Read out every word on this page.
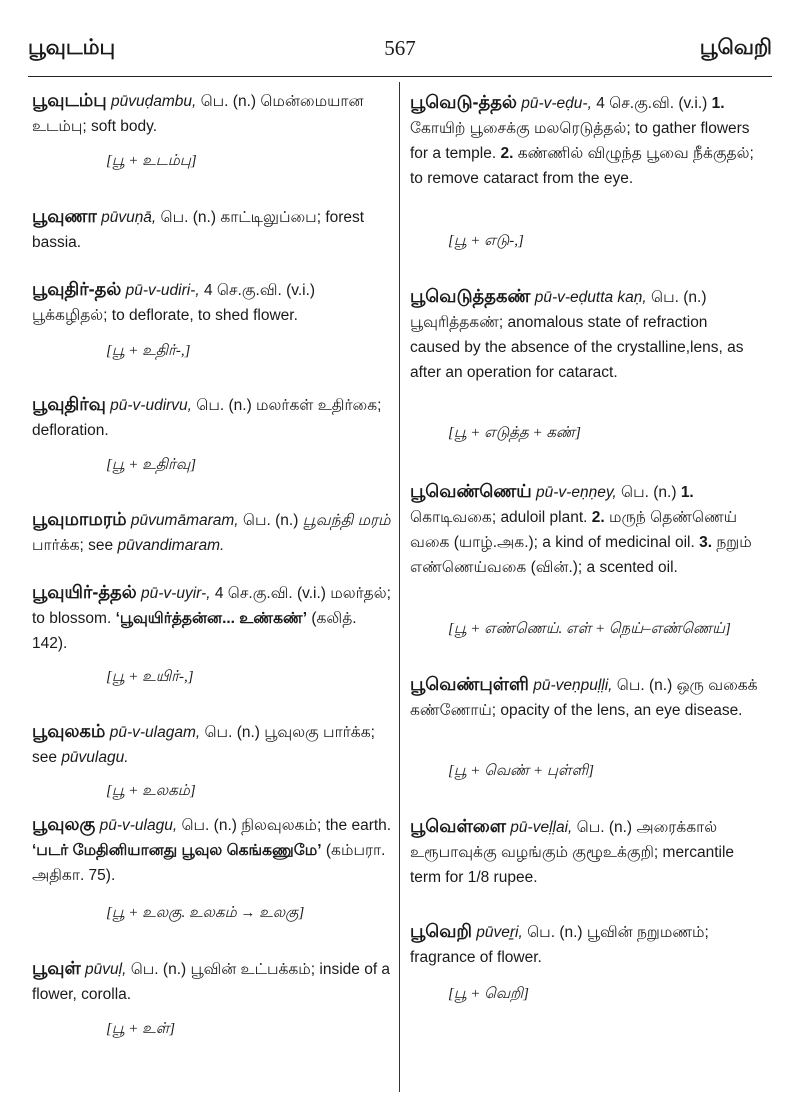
பூவுடம்பு	567	பூவெறி
பூவுடம்பு pūvuḍambu, பெ. (n.) மென்மையான உடம்பு; soft body.
[பூ + உடம்பு]
பூவுணா pūvuṇā, பெ. (n.) காட்டிலுப்பை; forest bassia.
பூவுதிர்-தல் pū-v-udiri-, 4 செ.கு.வி. (v.i.) பூக்கழிதல்; to deflorate, to shed flower.
[பூ + உதிர்-,]
பூவுதிர்வு pū-v-udirvu, பெ. (n.) மலர்கள் உதிர்கை; defloration.
[பூ + உதிர்வு]
பூவுமாமரம் pūvumāmaram, பெ. (n.) பூவந்தி மரம் பார்க்க; see pūvandimaram.
பூவுயிர்-த்தல் pū-v-uyir-, 4 செ.கு.வி. (v.i.) மலர்தல்; to blossom. ‘பூவுயிர்த்தன்ன... உண்கண்’ (கலித். 142).
[பூ + உயிர்-,]
பூவுலகம் pū-v-ulagam, பெ. (n.) பூவுலகு பார்க்க; see pūvulagu.
[பூ + உலகம்]
பூவுலகு pū-v-ulagu, பெ. (n.) நிலவுலகம்; the earth. ‘படர் மேதினியானது பூவுல கெங்கணுமே’ (கம்பரா. அதிகா. 75).
[பூ + உலகு. உலகம் → உலகு]
பூவுள் pūvuḷ, பெ. (n.) பூவின் உட்பக்கம்; inside of a flower, corolla.
[பூ + உள்]
பூவெடு-த்தல் pū-v-eḍu-, 4 செ.கு.வி. (v.i.) 1. கோயிற் பூசைக்கு மலரெடுத்தல்; to gather flowers for a temple. 2. கண்ணில் விழுந்த பூவை நீக்குதல்; to remove cataract from the eye.
[பூ + எடு-,]
பூவெடுத்தகண் pū-v-eḍutta kaṇ, பெ. (n.) பூவுரித்தகண்; anomalous state of refraction caused by the absence of the crystalline,lens, as after an operation for cataract.
[பூ + எடுத்த + கண்]
பூவெண்ணெய் pū-v-eṇṇey, பெ. (n.) 1. கொடிவகை; aduloil plant. 2. மருந் தெண்ணெய் வகை (யாழ்.அக.); a kind of medicinal oil. 3. நறும் எண்ணெய்வகை (வின்.); a scented oil.
[பூ + எண்ணெய். எள் + நெய்–எண்ணெய்]
பூவெண்புள்ளி pū-veṇpuḷḷi, பெ. (n.) ஒரு வகைக் கண்ணோய்; opacity of the lens, an eye disease.
[பூ + வெண் + புள்ளி]
பூவெள்ளை pū-veḷḷai, பெ. (n.) அரைக்கால் உரூபாவுக்கு வழங்கும் குழூஉக்குறி; mercantile term for 1/8 rupee.
பூவெறி pūveṟi, பெ. (n.) பூவின் நறுமணம்; fragrance of flower.
[பூ + வெறி]
